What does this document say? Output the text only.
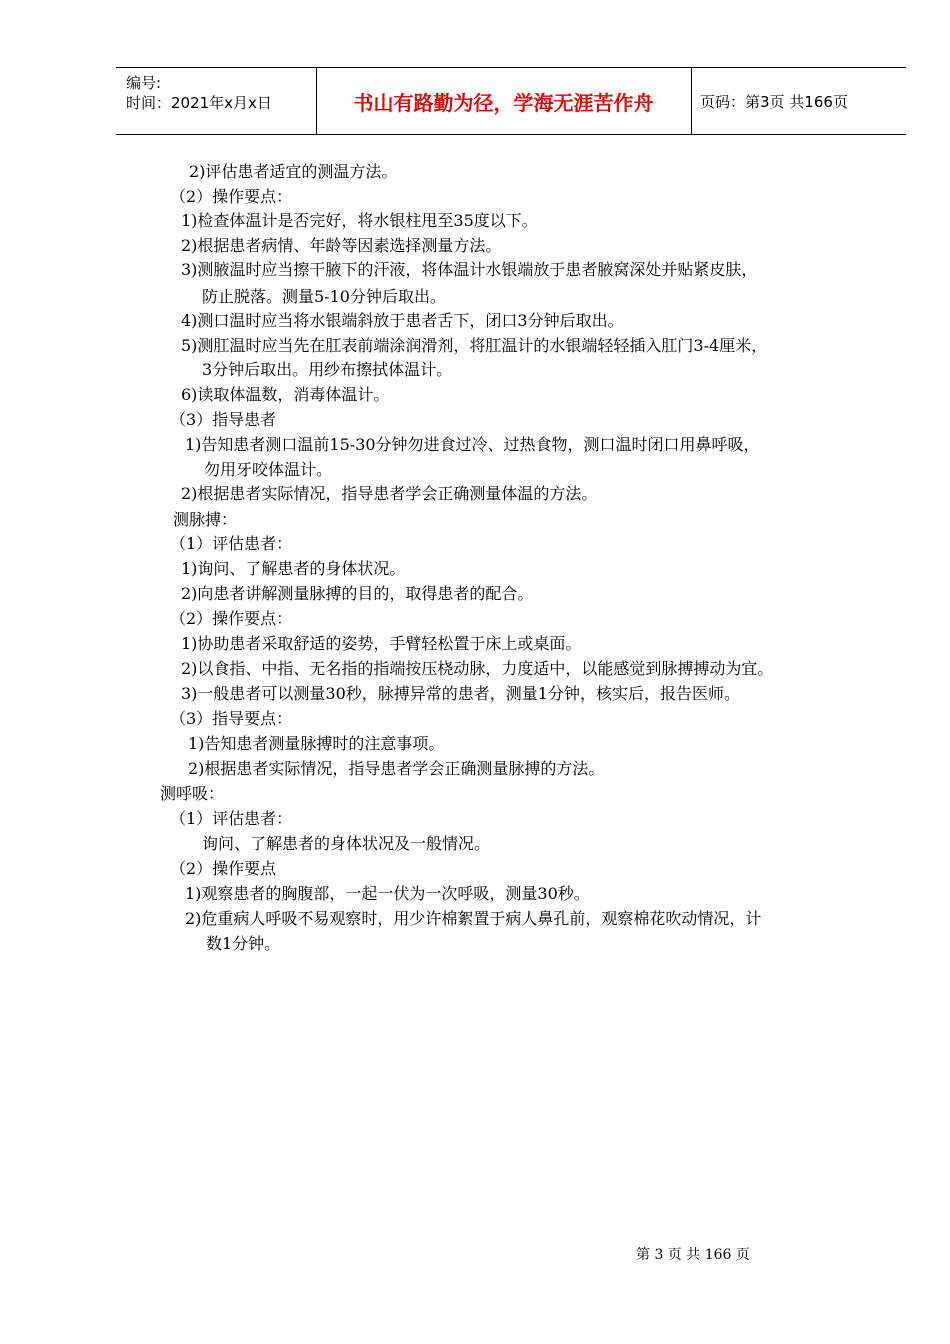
编号:
时间：2021年x月x日	书山有路勤为径，学海无涯苦作舟	页码：第3页 共166页
2)评估患者适宜的测温方法。
（2）操作要点：
1)检查体温计是否完好，将水银柱甩至35度以下。
2)根据患者病情、年龄等因素选择测量方法。
3)测腋温时应当擦干腋下的汗液，将体温计水银端放于患者腋窝深处并贴紧皮肤，
防止脱落。测量5-10分钟后取出。
4)测口温时应当将水银端斜放于患者舌下，闭口3分钟后取出。
5)测肛温时应当先在肛表前端涂润滑剂，将肛温计的水银端轻轻插入肛门3-4厘米，
3分钟后取出。用纱布擦拭体温计。
6)读取体温数，消毒体温计。
（3）指导患者
1)告知患者测口温前15-30分钟勿进食过冷、过热食物，测口温时闭口用鼻呼吸，
勿用牙咬体温计。
2)根据患者实际情况，指导患者学会正确测量体温的方法。
测脉搏：
（1）评估患者：
1)询问、了解患者的身体状况。
2)向患者讲解测量脉搏的目的，取得患者的配合。
（2）操作要点：
1)协助患者采取舒适的姿势，手臂轻松置于床上或桌面。
2)以食指、中指、无名指的指端按压桡动脉，力度适中，以能感觉到脉搏搏动为宜。
3)一般患者可以测量30秒，脉搏异常的患者，测量1分钟，核实后，报告医师。
（3）指导要点：
1)告知患者测量脉搏时的注意事项。
2)根据患者实际情况，指导患者学会正确测量脉搏的方法。
测呼吸：
（1）评估患者：
询问、了解患者的身体状况及一般情况。
（2）操作要点
1)观察患者的胸腹部，一起一伏为一次呼吸，测量30秒。
2)危重病人呼吸不易观察时，用少许棉絮置于病人鼻孔前，观察棉花吹动情况，计
数1分钟。
第 3 页 共 166 页
